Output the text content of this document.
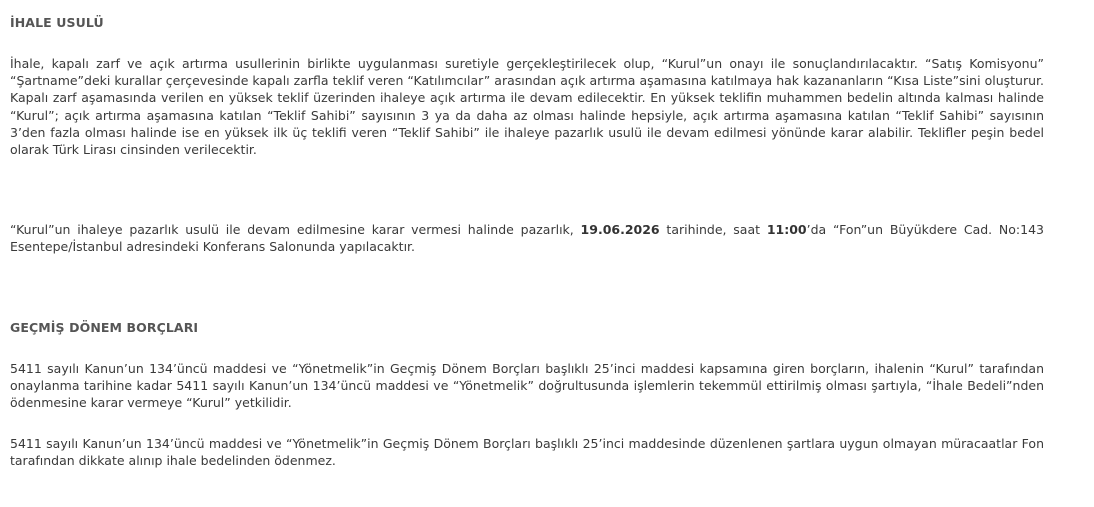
İHALE USULÜ

İhale, kapalı zarf ve açık artırma usullerinin birlikte uygulanması suretiyle gerçekleştirilecek olup, “Kurul”un onayı ile sonuçlandırılacaktır. “Satış Komisyonu” “Şartname”deki kurallar çerçevesinde kapalı zarfla teklif veren “Katılımcılar” arasından açık artırma aşamasına katılmaya hak kazananların “Kısa Liste”sini oluşturur. Kapalı zarf aşamasında verilen en yüksek teklif üzerinden ihaleye açık artırma ile devam edilecektir. En yüksek teklifin muhammen bedelin altında kalması halinde “Kurul”; açık artırma aşamasına katılan “Teklif Sahibi” sayısının 3 ya da daha az olması halinde hepsiyle, açık artırma aşamasına katılan “Teklif Sahibi” sayısının 3’den fazla olması halinde ise en yüksek ilk üç teklifi veren “Teklif Sahibi” ile ihaleye pazarlık usulü ile devam edilmesi yönünde karar alabilir. Teklifler peşin bedel olarak Türk Lirası cinsinden verilecektir.

“Kurul”un ihaleye pazarlık usulü ile devam edilmesine karar vermesi halinde pazarlık, 19.06.2026 tarihinde, saat 11:00’da “Fon”un Büyükdere Cad. No:143 Esentepe/İstanbul adresindeki Konferans Salonunda yapılacaktır.

GEÇMİŞ DÖNEM BORÇLARI

5411 sayılı Kanun’un 134’üncü maddesi ve “Yönetmelik”in Geçmiş Dönem Borçları başlıklı 25’inci maddesi kapsamına giren borçların, ihalenin “Kurul” tarafından onaylanma tarihine kadar 5411 sayılı Kanun’un 134’üncü maddesi ve “Yönetmelik” doğrultusunda işlemlerin tekemmül ettirilmiş olması şartıyla, “İhale Bedeli”nden ödenmesine karar vermeye “Kurul” yetkilidir.

5411 sayılı Kanun’un 134’üncü maddesi ve “Yönetmelik”in Geçmiş Dönem Borçları başlıklı 25’inci maddesinde düzenlenen şartlara uygun olmayan müracaatlar Fon tarafından dikkate alınıp ihale bedelinden ödenmez.
